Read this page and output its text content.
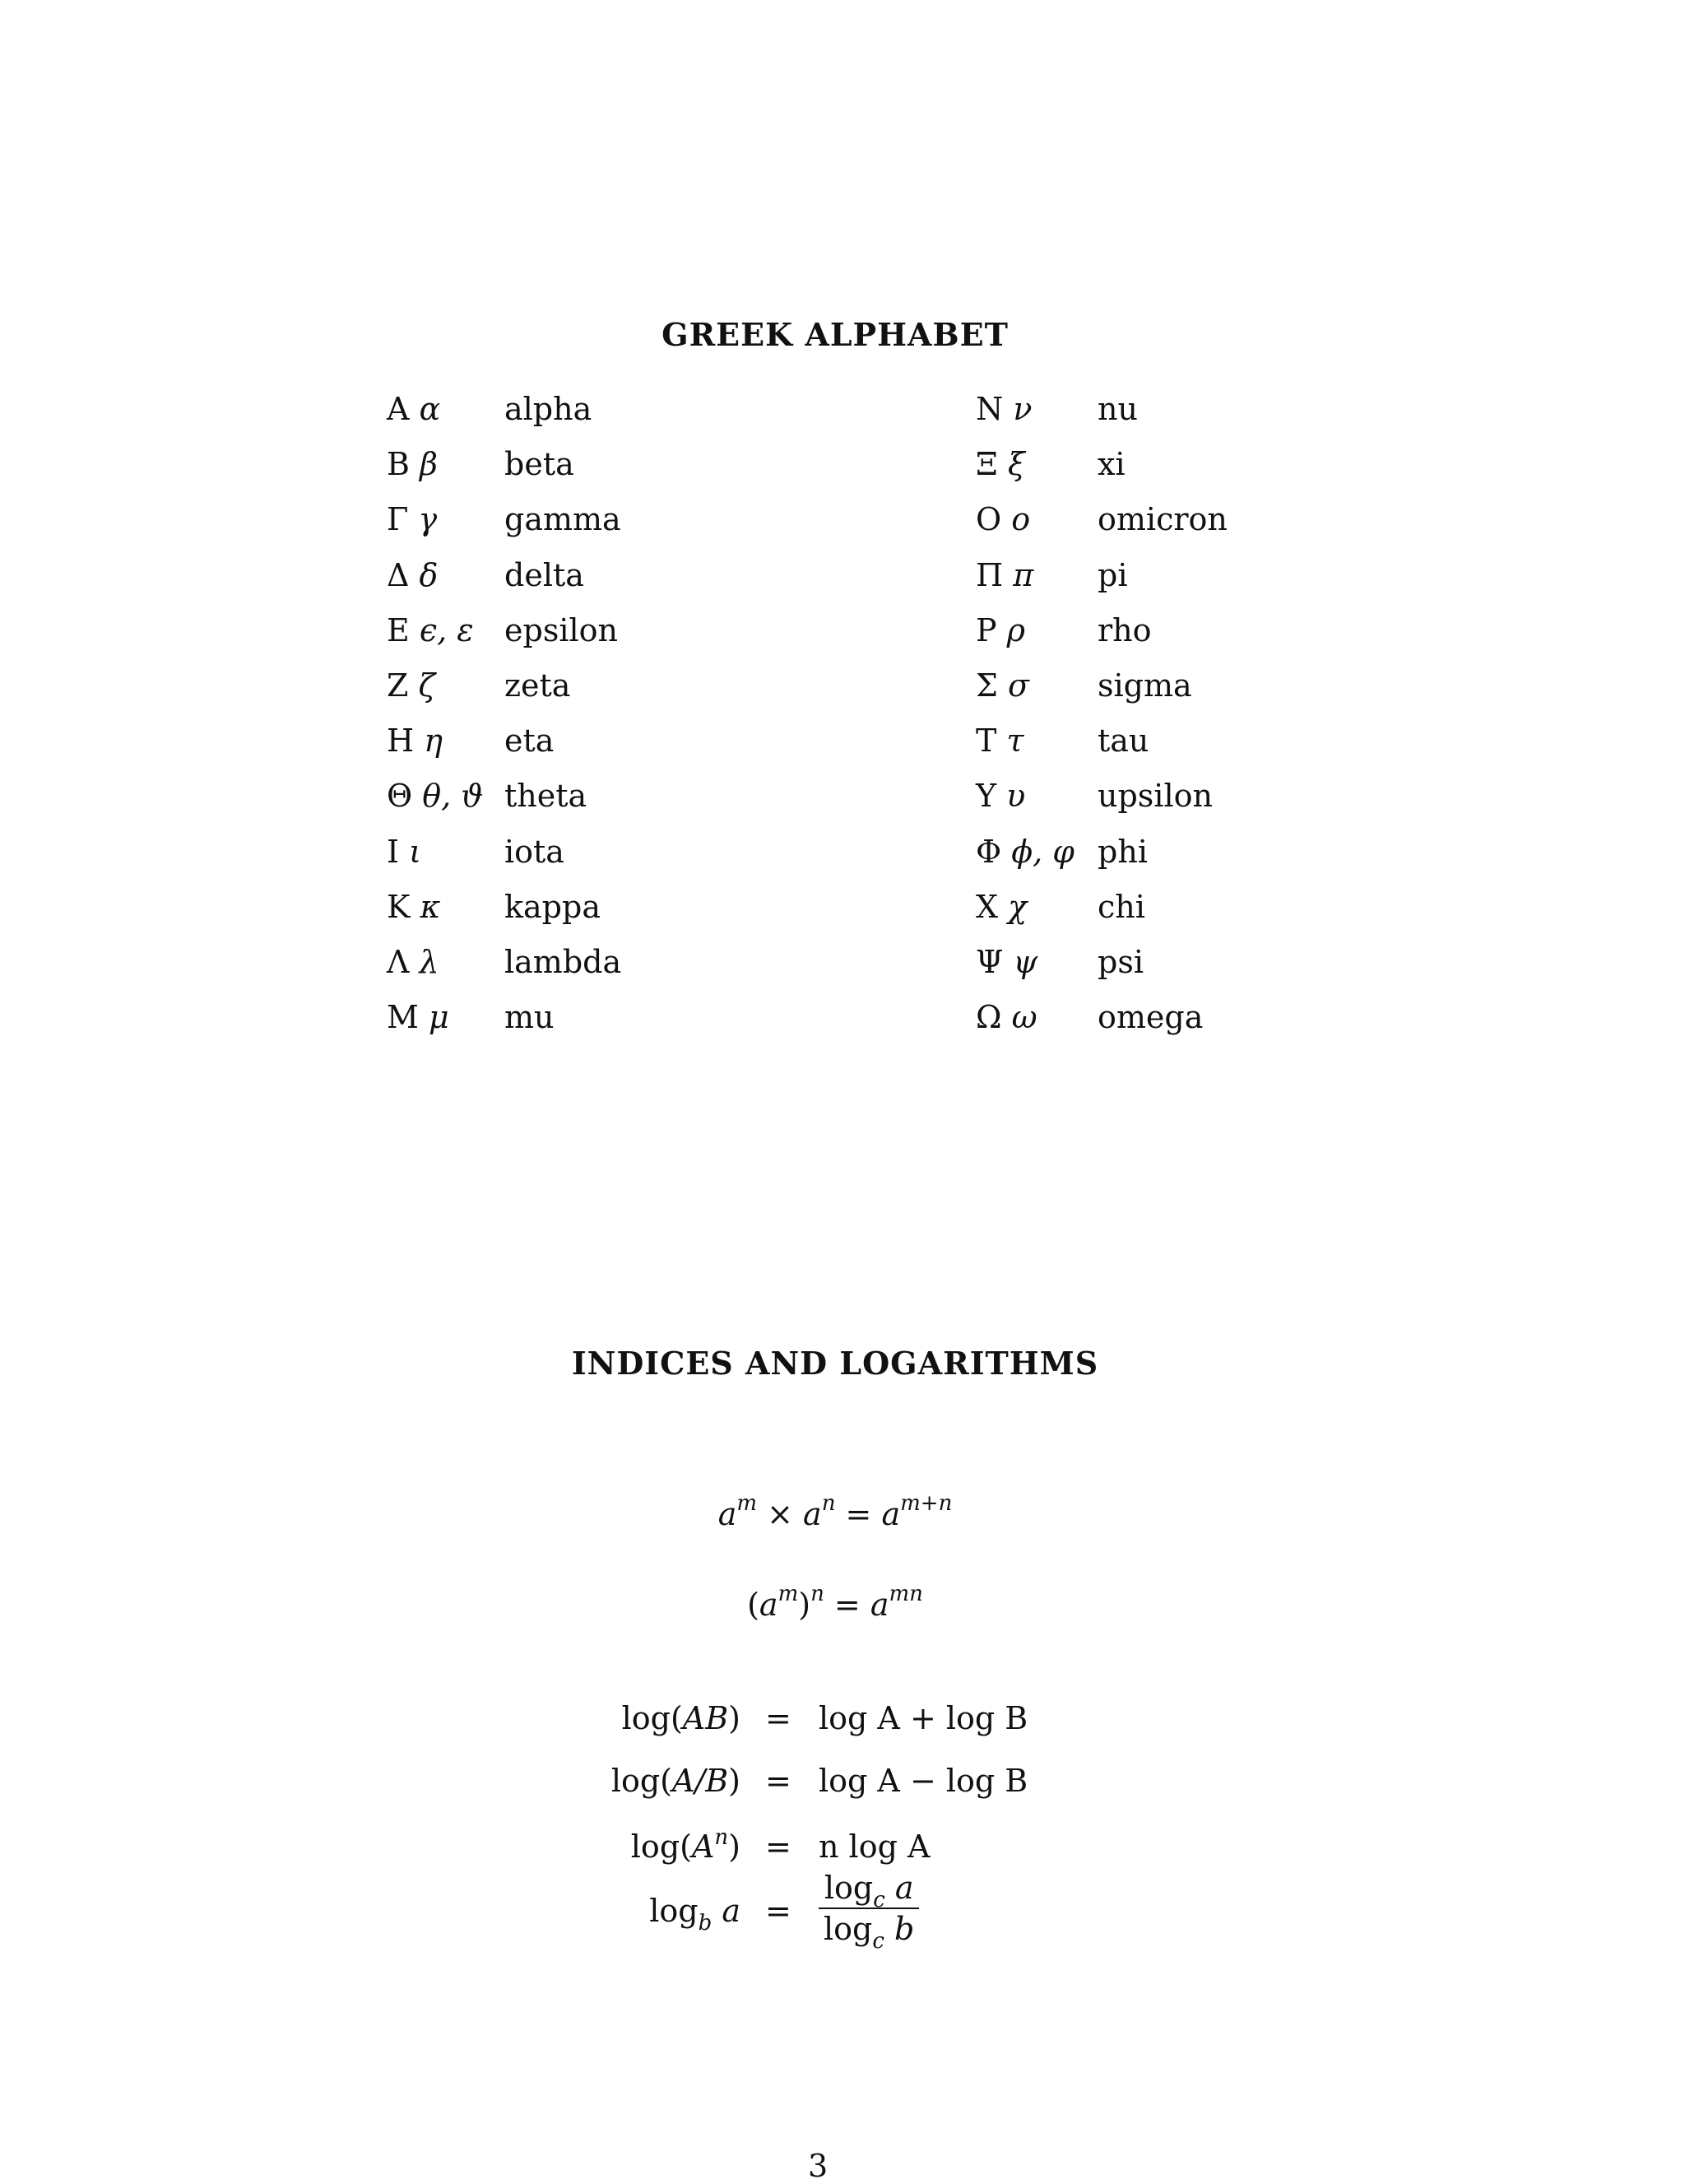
GREEK ALPHABET
A α alpha
B β beta
Γ γ gamma
Δ δ delta
E ϵ, ε epsilon
Z ζ zeta
H η eta
Θ θ, ϑ theta
I ι	iota
K κ kappa
Λ λ lambda
M μ mu
N ν nu
Ξ ξ xi
O o omicron
Π π pi
P ρ rho
Σ σ sigma
T τ tau
Υ υ upsilon
Φ ϕ, φ phi
X χ chi
Ψ ψ psi
Ω ω omega
INDICES AND LOGARITHMS
$a^m \times a^n = a^{m+n}$
$(a^m)^n = a^{mn}$
log(AB) = log A + log B
log(A/B) = log A − log B
$\log(A^n) = n$ log A
$\log_b a$ =
$\log_c a$
$\log_c b$
3
